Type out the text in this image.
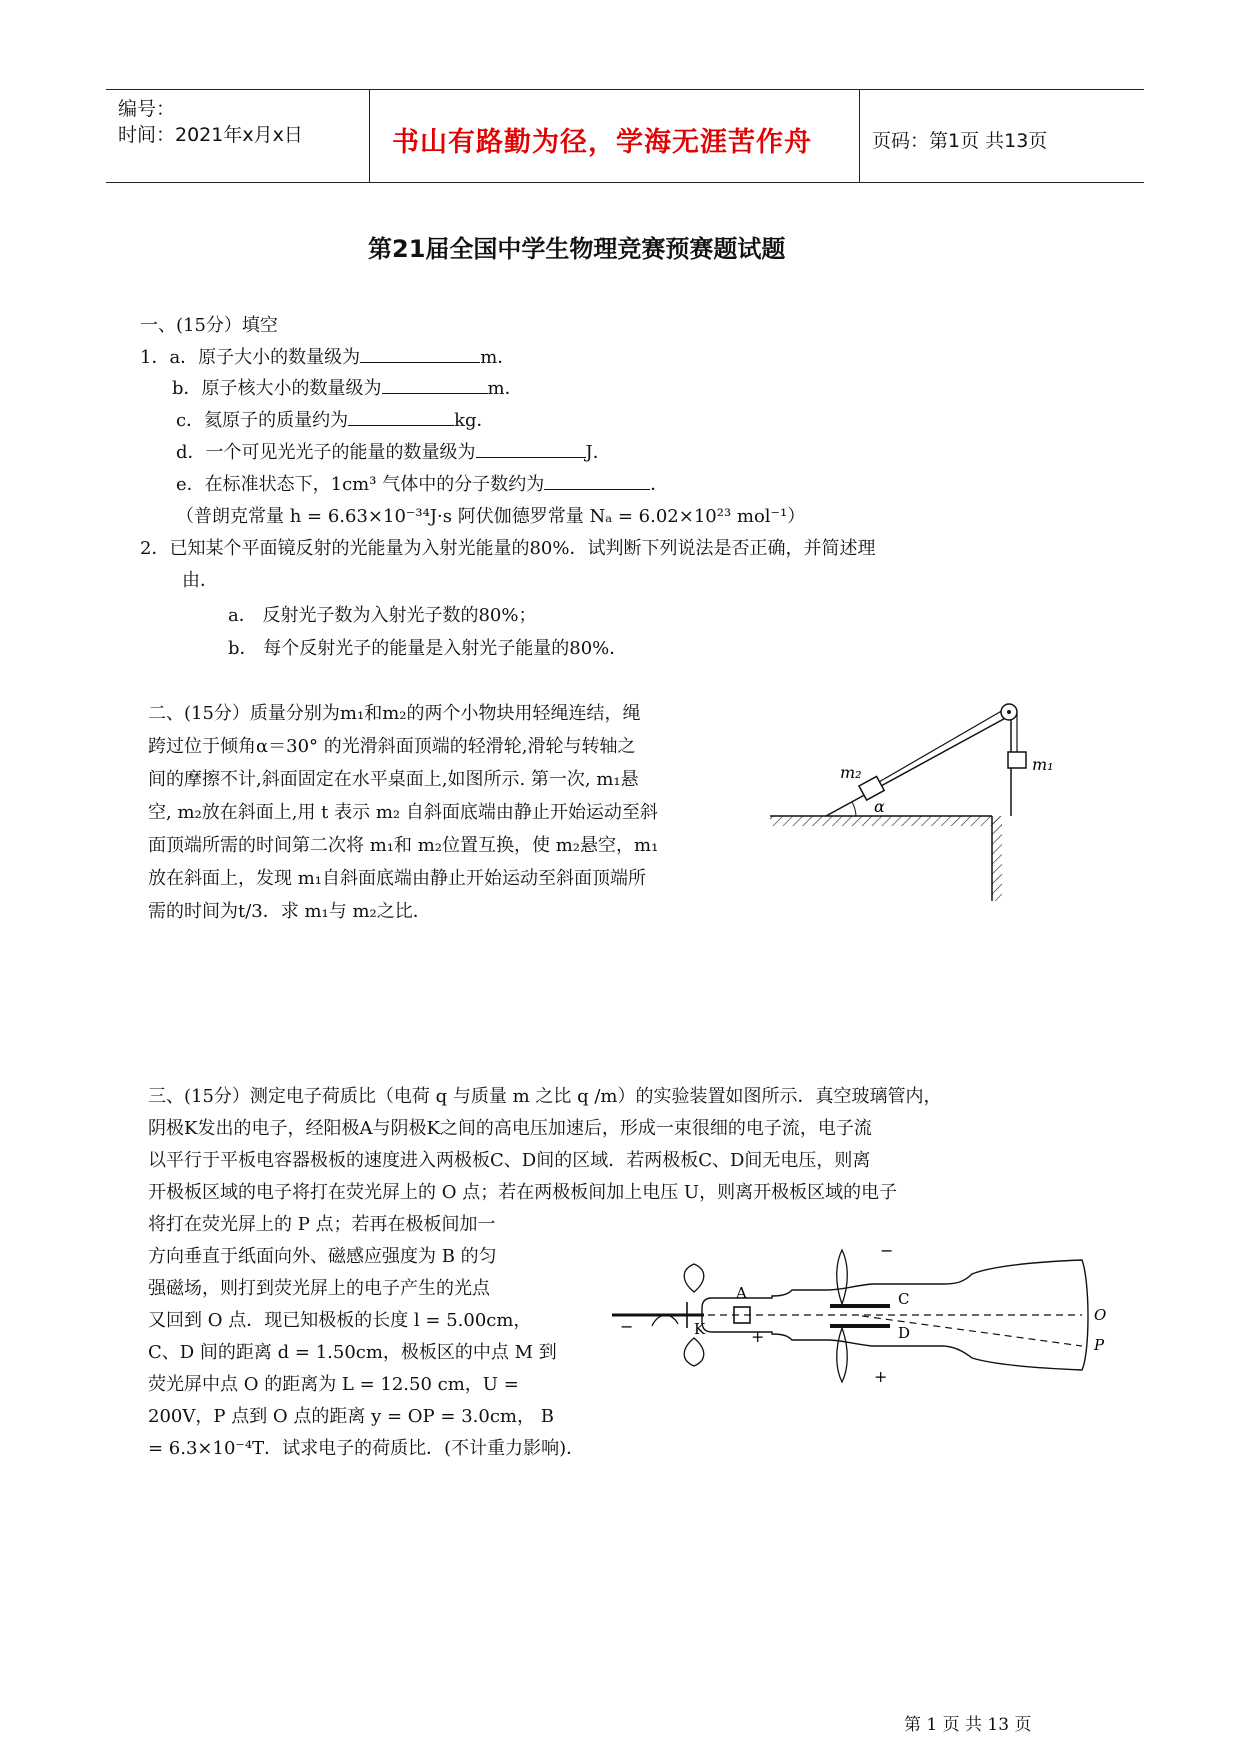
编号：
时间：2021年x月x日	书山有路勤为径，学海无涯苦作舟	页码：第1页 共13页
第21届全国中学生物理竞赛预赛题试题
一、(15分）填空
1．a．原子大小的数量级为	m．
b．原子核大小的数量级为	m．
c．氦原子的质量约为	kg．
d．一个可见光光子的能量的数量级为	J．
e．在标准状态下，1cm³ 气体中的分子数约为	．
（普朗克常量 h = 6.63×10⁻³⁴J·s 阿伏伽德罗常量 Nₐ = 6.02×10²³ mol⁻¹）
2．已知某个平面镜反射的光能量为入射光能量的80%．试判断下列说法是否正确，并简述理
由．
a． 反射光子数为入射光子数的80%；
b． 每个反射光子的能量是入射光子能量的80%．
二、(15分）质量分别为m₁和m₂的两个小物块用轻绳连结，绳
跨过位于倾角α＝30° 的光滑斜面顶端的轻滑轮,滑轮与转轴之
间的摩擦不计,斜面固定在水平桌面上,如图所示. 第一次, m₁悬
空, m₂放在斜面上,用 t 表示 m₂ 自斜面底端由静止开始运动至斜
面顶端所需的时间第二次将 m₁和 m₂位置互换，使 m₂悬空，m₁
放在斜面上，发现 m₁自斜面底端由静止开始运动至斜面顶端所
需的时间为t/3．求 m₁与 m₂之比．
m₂	m₁
α
三、(15分）测定电子荷质比（电荷 q 与质量 m 之比 q /m）的实验装置如图所示．真空玻璃管内，
阴极K发出的电子，经阳极A与阴极K之间的高电压加速后，形成一束很细的电子流，电子流
以平行于平板电容器极板的速度进入两极板C、D间的区域．若两极板C、D间无电压，则离
开极板区域的电子将打在荧光屏上的 O 点；若在两极板间加上电压 U，则离开极板区域的电子
将打在荧光屏上的 P 点；若再在极板间加一
方向垂直于纸面向外、磁感应强度为 B 的匀
强磁场，则打到荧光屏上的电子产生的光点
又回到 O 点．现已知极板的长度 l = 5.00cm，
C、D 间的距离 d = 1.50cm，极板区的中点 M 到
荧光屏中点 O 的距离为 L = 12.50 cm，U =
200V，P 点到 O 点的距离 y = OP = 3.0cm， B
= 6.3×10⁻⁴T．试求电子的荷质比．(不计重力影响)．
A
K
C
D
O
P
−
+
−
+
第 1 页 共 13 页
